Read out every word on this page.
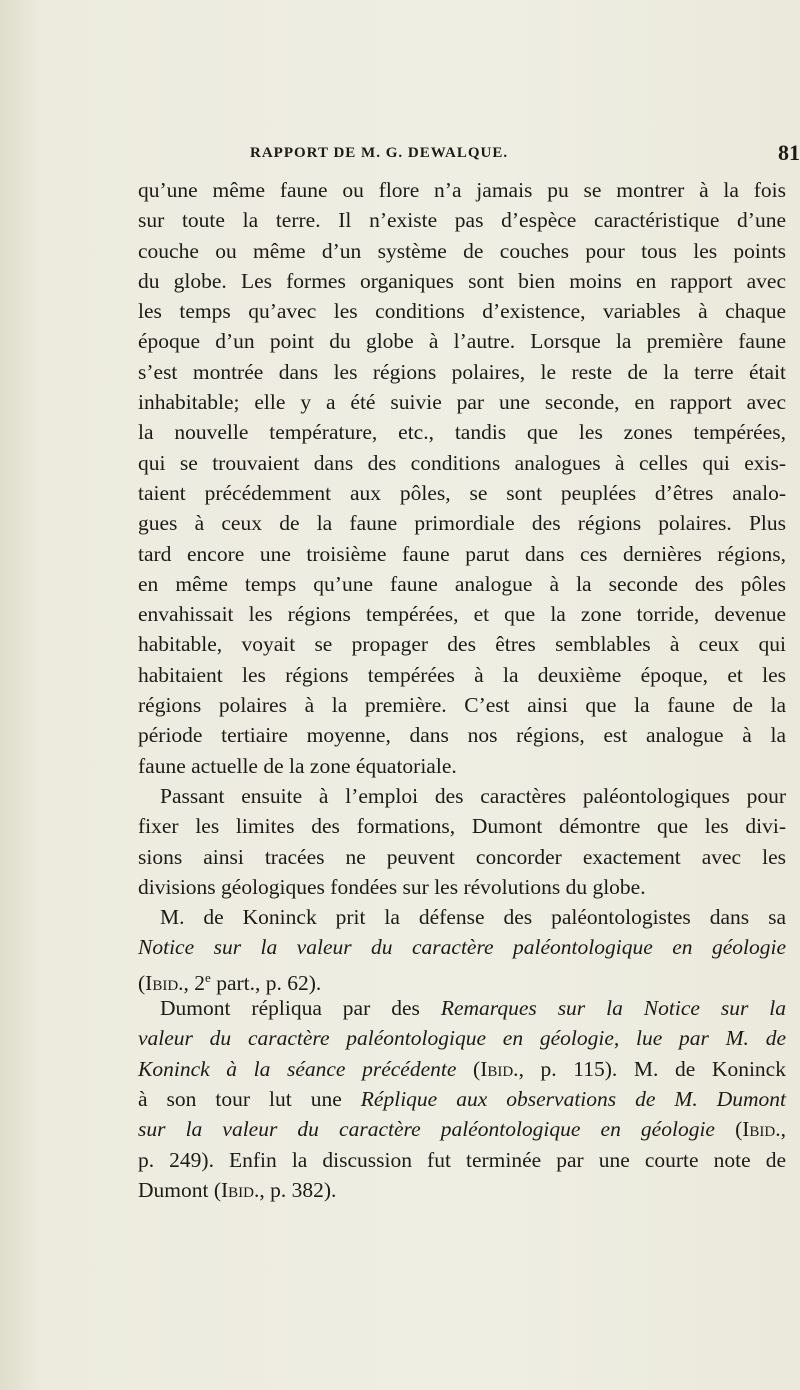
RAPPORT DE M. G. DEWALQUE.	81
qu’une même faune ou flore n’a jamais pu se montrer à la fois
sur toute la terre. Il n’existe pas d’espèce caractéristique d’une
couche ou même d’un système de couches pour tous les points
du globe. Les formes organiques sont bien moins en rapport avec
les temps qu’avec les conditions d’existence, variables à chaque
époque d’un point du globe à l’autre. Lorsque la première faune
s’est montrée dans les régions polaires, le reste de la terre était
inhabitable; elle y a été suivie par une seconde, en rapport avec
la nouvelle température, etc., tandis que les zones tempérées,
qui se trouvaient dans des conditions analogues à celles qui exis-
taient précédemment aux pôles, se sont peuplées d’êtres analo-
gues à ceux de la faune primordiale des régions polaires. Plus
tard encore une troisième faune parut dans ces dernières régions,
en même temps qu’une faune analogue à la seconde des pôles
envahissait les régions tempérées, et que la zone torride, devenue
habitable, voyait se propager des êtres semblables à ceux qui
habitaient les régions tempérées à la deuxième époque, et les
régions polaires à la première. C’est ainsi que la faune de la
période tertiaire moyenne, dans nos régions, est analogue à la
faune actuelle de la zone équatoriale.
Passant ensuite à l’emploi des caractères paléontologiques pour
fixer les limites des formations, Dumont démontre que les divi-
sions ainsi tracées ne peuvent concorder exactement avec les
divisions géologiques fondées sur les révolutions du globe.
M. de Koninck prit la défense des paléontologistes dans sa
Notice sur la valeur du caractère paléontologique en géologie
(Ibid., 2e part., p. 62).
Dumont répliqua par des Remarques sur la Notice sur la
valeur du caractère paléontologique en géologie, lue par M. de
Koninck à la séance précédente (Ibid., p. 115). M. de Koninck
à son tour lut une Réplique aux observations de M. Dumont
sur la valeur du caractère paléontologique en géologie (Ibid.,
p. 249). Enfin la discussion fut terminée par une courte note de
Dumont (Ibid., p. 382).
